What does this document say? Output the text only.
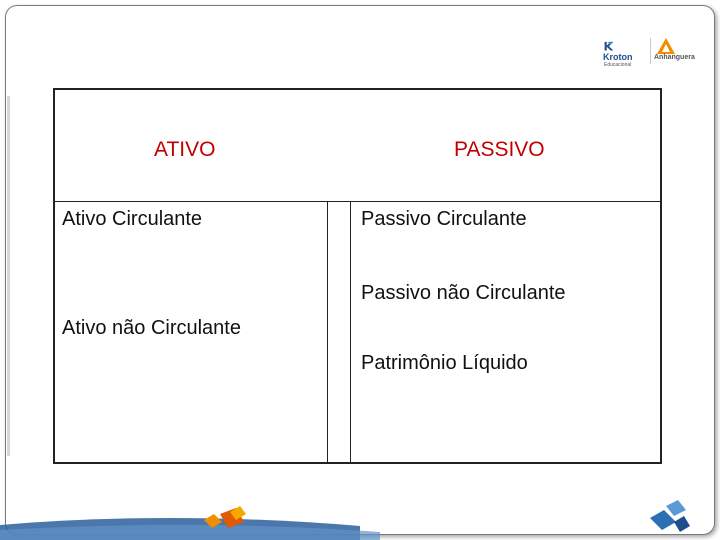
Kroton
Educacional
Anhanguera
ATIVO	PASSIVO
Ativo Circulante
Ativo não Circulante
Passivo Circulante
Passivo não Circulante
Patrimônio Líquido
